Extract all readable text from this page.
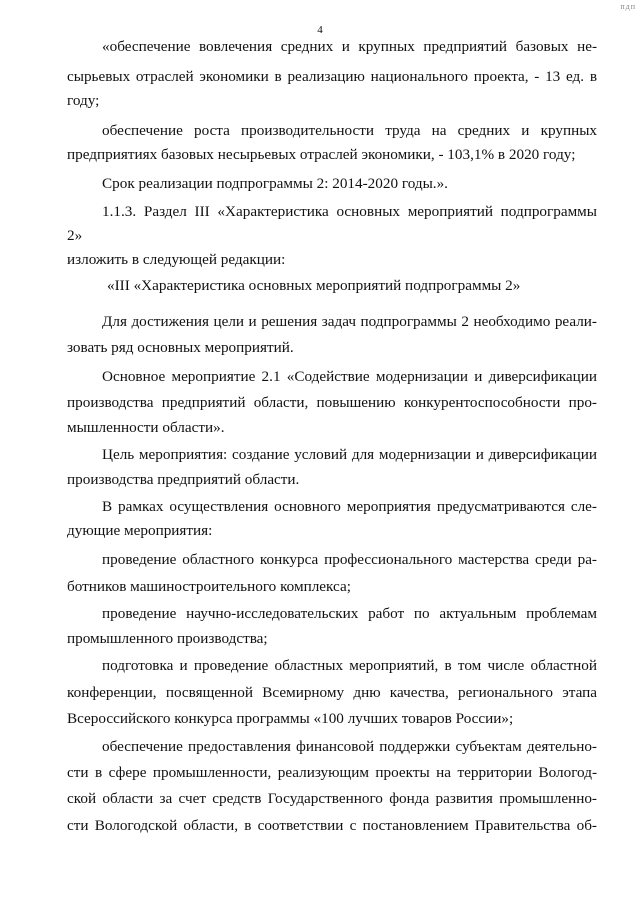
пдп
4
«обеспечение вовлечения средних и крупных предприятий базовых не-
сырьевых отраслей экономики в реализацию национального проекта, - 13 ед. в
году;
обеспечение роста производительности труда на средних и крупных
предприятиях базовых несырьевых отраслей экономики, - 103,1% в 2020 году;
Срок реализации подпрограммы 2: 2014-2020 годы.».
1.1.3. Раздел III «Характеристика основных мероприятий подпрограммы
2»
изложить в следующей редакции:
«III «Характеристика основных мероприятий подпрограммы 2»
Для достижения цели и решения задач подпрограммы 2 необходимо реали-
зовать ряд основных мероприятий.
Основное мероприятие 2.1 «Содействие модернизации и диверсификации
производства предприятий области, повышению конкурентоспособности про-
мышленности области».
Цель мероприятия: создание условий для модернизации и диверсификации
производства предприятий области.
В рамках осуществления основного мероприятия предусматриваются сле-
дующие мероприятия:
проведение областного конкурса профессионального мастерства среди ра-
ботников машиностроительного комплекса;
проведение научно-исследовательских работ по актуальным проблемам
промышленного производства;
подготовка и проведение областных мероприятий, в том числе областной
конференции, посвященной Всемирному дню качества, регионального этапа
Всероссийского конкурса программы «100 лучших товаров России»;
обеспечение предоставления финансовой поддержки субъектам деятельно-
сти в сфере промышленности, реализующим проекты на территории Вологод-
ской области за счет средств Государственного фонда развития промышленно-
сти Вологодской области, в соответствии с постановлением Правительства об-
